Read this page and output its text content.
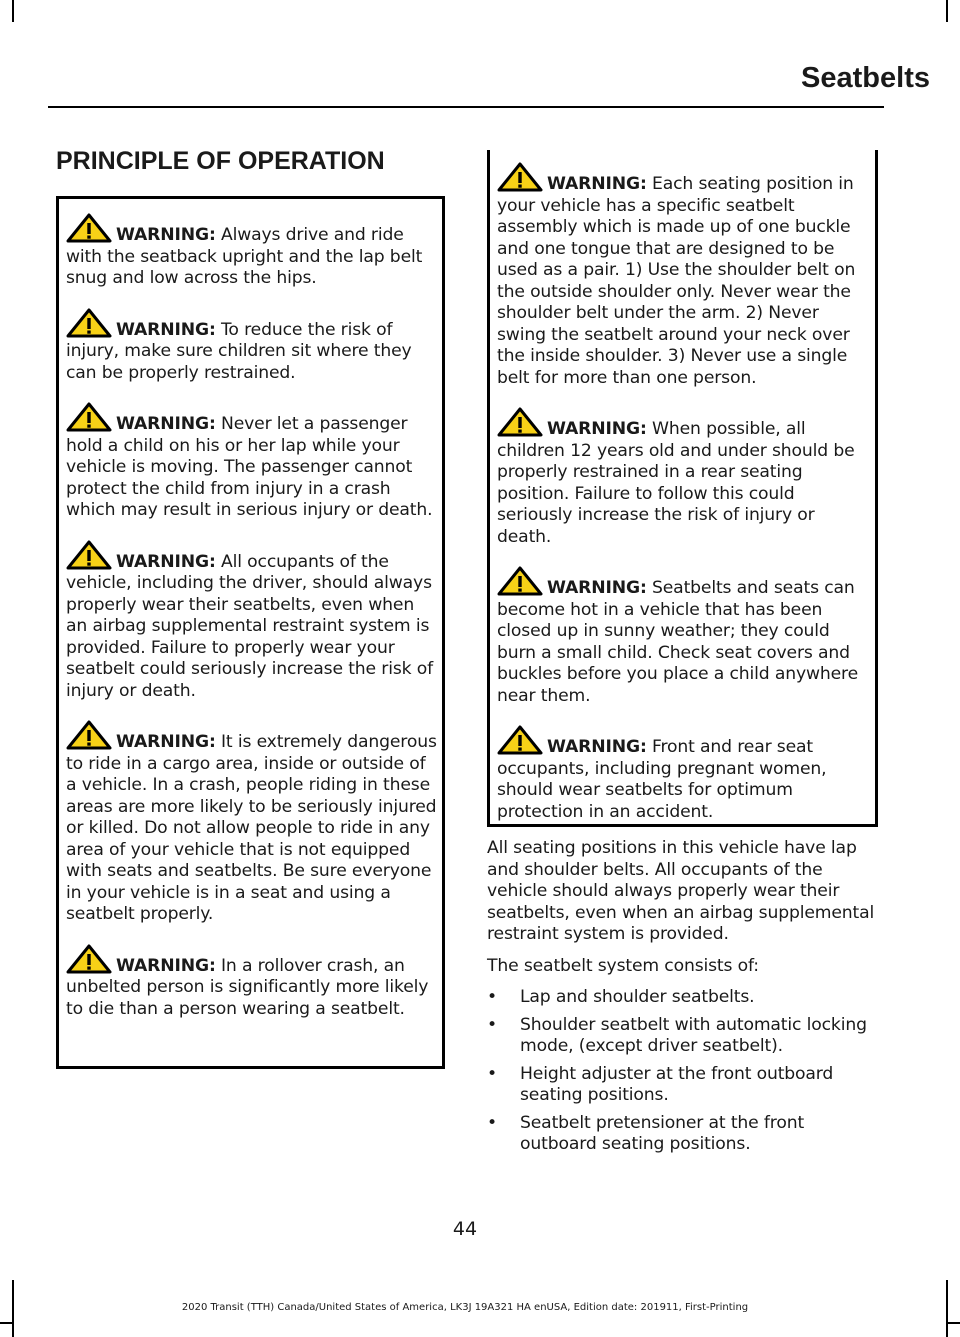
Seatbelts
PRINCIPLE OF OPERATION

WARNING: Always drive and ride with the seatback upright and the lap belt snug and low across the hips.

WARNING: To reduce the risk of injury, make sure children sit where they can be properly restrained.

WARNING: Never let a passenger hold a child on his or her lap while your vehicle is moving. The passenger cannot protect the child from injury in a crash which may result in serious injury or death.

WARNING: All occupants of the vehicle, including the driver, should always properly wear their seatbelts, even when an airbag supplemental restraint system is provided. Failure to properly wear your seatbelt could seriously increase the risk of injury or death.

WARNING: It is extremely dangerous to ride in a cargo area, inside or outside of a vehicle. In a crash, people riding in these areas are more likely to be seriously injured or killed. Do not allow people to ride in any area of your vehicle that is not equipped with seats and seatbelts. Be sure everyone in your vehicle is in a seat and using a seatbelt properly.

WARNING: In a rollover crash, an unbelted person is significantly more likely to die than a person wearing a seatbelt.

WARNING: Each seating position in your vehicle has a specific seatbelt assembly which is made up of one buckle and one tongue that are designed to be used as a pair. 1) Use the shoulder belt on the outside shoulder only. Never wear the shoulder belt under the arm. 2) Never swing the seatbelt around your neck over the inside shoulder. 3) Never use a single belt for more than one person.

WARNING: When possible, all children 12 years old and under should be properly restrained in a rear seating position. Failure to follow this could seriously increase the risk of injury or death.

WARNING: Seatbelts and seats can become hot in a vehicle that has been closed up in sunny weather; they could burn a small child. Check seat covers and buckles before you place a child anywhere near them.

WARNING: Front and rear seat occupants, including pregnant women, should wear seatbelts for optimum protection in an accident.

All seating positions in this vehicle have lap and shoulder belts. All occupants of the vehicle should always properly wear their seatbelts, even when an airbag supplemental restraint system is provided.

The seatbelt system consists of:

• Lap and shoulder seatbelts.
• Shoulder seatbelt with automatic locking mode, (except driver seatbelt).
• Height adjuster at the front outboard seating positions.
• Seatbelt pretensioner at the front outboard seating positions.
44
2020 Transit (TTH) Canada/United States of America, LK3J 19A321 HA enUSA, Edition date: 201911, First-Printing
